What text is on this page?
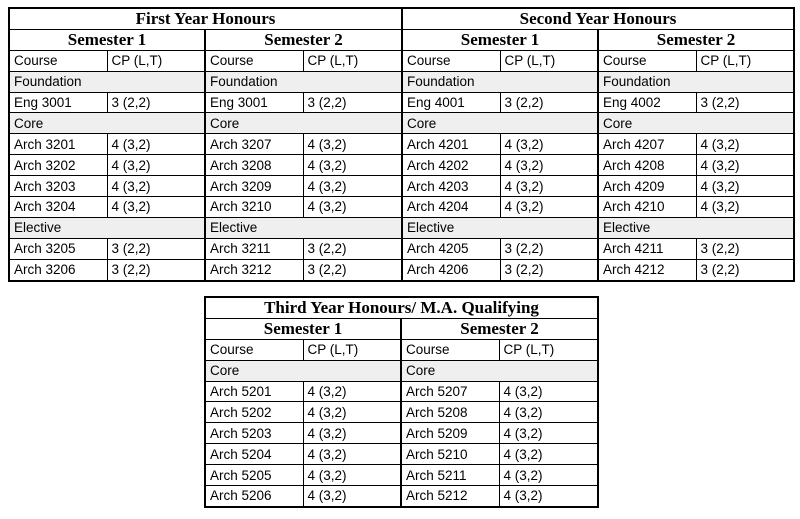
First Year Honours			
Semester 1		Semester 2	
Course	CP (L,T)	Course	CP (L,T)
Foundation		Foundation	
Eng 3001	3 (2,2)	Eng 3001	3 (2,2)
Core		Core	
Arch 3201	4 (3,2)	Arch 3207	4 (3,2)
Arch 3202	4 (3,2)	Arch 3208	4 (3,2)
Arch 3203	4 (3,2)	Arch 3209	4 (3,2)
Arch 3204	4 (3,2)	Arch 3210	4 (3,2)
Elective		Elective	
Arch 3205	3 (2,2)	Arch 3211	3 (2,2)
Arch 3206	3 (2,2)	Arch 3212	3 (2,2)
Second Year Honours			
Semester 1		Semester 2	
Course	CP (L,T)	Course	CP (L,T)
Foundation		Foundation	
Eng 4001	3 (2,2)	Eng 4002	3 (2,2)
Core		Core	
Arch 4201	4 (3,2)	Arch 4207	4 (3,2)
Arch 4202	4 (3,2)	Arch 4208	4 (3,2)
Arch 4203	4 (3,2)	Arch 4209	4 (3,2)
Arch 4204	4 (3,2)	Arch 4210	4 (3,2)
Elective		Elective	
Arch 4205	3 (2,2)	Arch 4211	3 (2,2)
Arch 4206	3 (2,2)	Arch 4212	3 (2,2)
Third Year Honours/ M.A. Qualifying			
Semester 1		Semester 2	
Course	CP (L,T)	Course	CP (L,T)
Core		Core	
Arch 5201	4 (3,2)	Arch 5207	4 (3,2)
Arch 5202	4 (3,2)	Arch 5208	4 (3,2)
Arch 5203	4 (3,2)	Arch 5209	4 (3,2)
Arch 5204	4 (3,2)	Arch 5210	4 (3,2)
Arch 5205	4 (3,2)	Arch 5211	4 (3,2)
Arch 5206	4 (3,2)	Arch 5212	4 (3,2)
